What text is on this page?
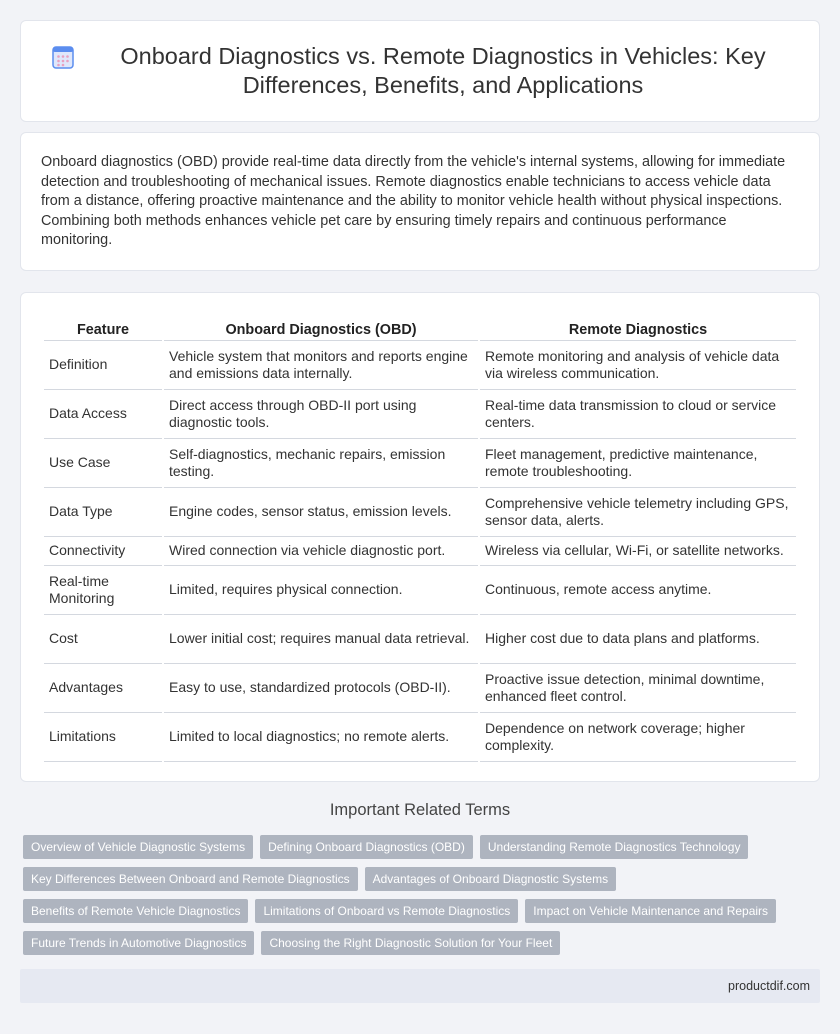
Onboard Diagnostics vs. Remote Diagnostics in Vehicles: Key Differences, Benefits, and Applications

Onboard diagnostics (OBD) provide real-time data directly from the vehicle's internal systems, allowing for immediate detection and troubleshooting of mechanical issues. Remote diagnostics enable technicians to access vehicle data from a distance, offering proactive maintenance and the ability to monitor vehicle health without physical inspections. Combining both methods enhances vehicle pet care by ensuring timely repairs and continuous performance monitoring.

Feature	Onboard Diagnostics (OBD)	Remote Diagnostics
Definition	Vehicle system that monitors and reports engine and emissions data internally.	Remote monitoring and analysis of vehicle data via wireless communication.
Data Access	Direct access through OBD-II port using diagnostic tools.	Real-time data transmission to cloud or service centers.
Use Case	Self-diagnostics, mechanic repairs, emission testing.	Fleet management, predictive maintenance, remote troubleshooting.
Data Type	Engine codes, sensor status, emission levels.	Comprehensive vehicle telemetry including GPS, sensor data, alerts.
Connectivity	Wired connection via vehicle diagnostic port.	Wireless via cellular, Wi-Fi, or satellite networks.
Real-time Monitoring	Limited, requires physical connection.	Continuous, remote access anytime.
Cost	Lower initial cost; requires manual data retrieval.	Higher cost due to data plans and platforms.
Advantages	Easy to use, standardized protocols (OBD-II).	Proactive issue detection, minimal downtime, enhanced fleet control.
Limitations	Limited to local diagnostics; no remote alerts.	Dependence on network coverage; higher complexity.
Important Related Terms
Overview of Vehicle Diagnostic Systems	Defining Onboard Diagnostics (OBD)	Understanding Remote Diagnostics Technology
Key Differences Between Onboard and Remote Diagnostics	Advantages of Onboard Diagnostic Systems
Benefits of Remote Vehicle Diagnostics	Limitations of Onboard vs Remote Diagnostics	Impact on Vehicle Maintenance and Repairs
Future Trends in Automotive Diagnostics	Choosing the Right Diagnostic Solution for Your Fleet
productdif.com
